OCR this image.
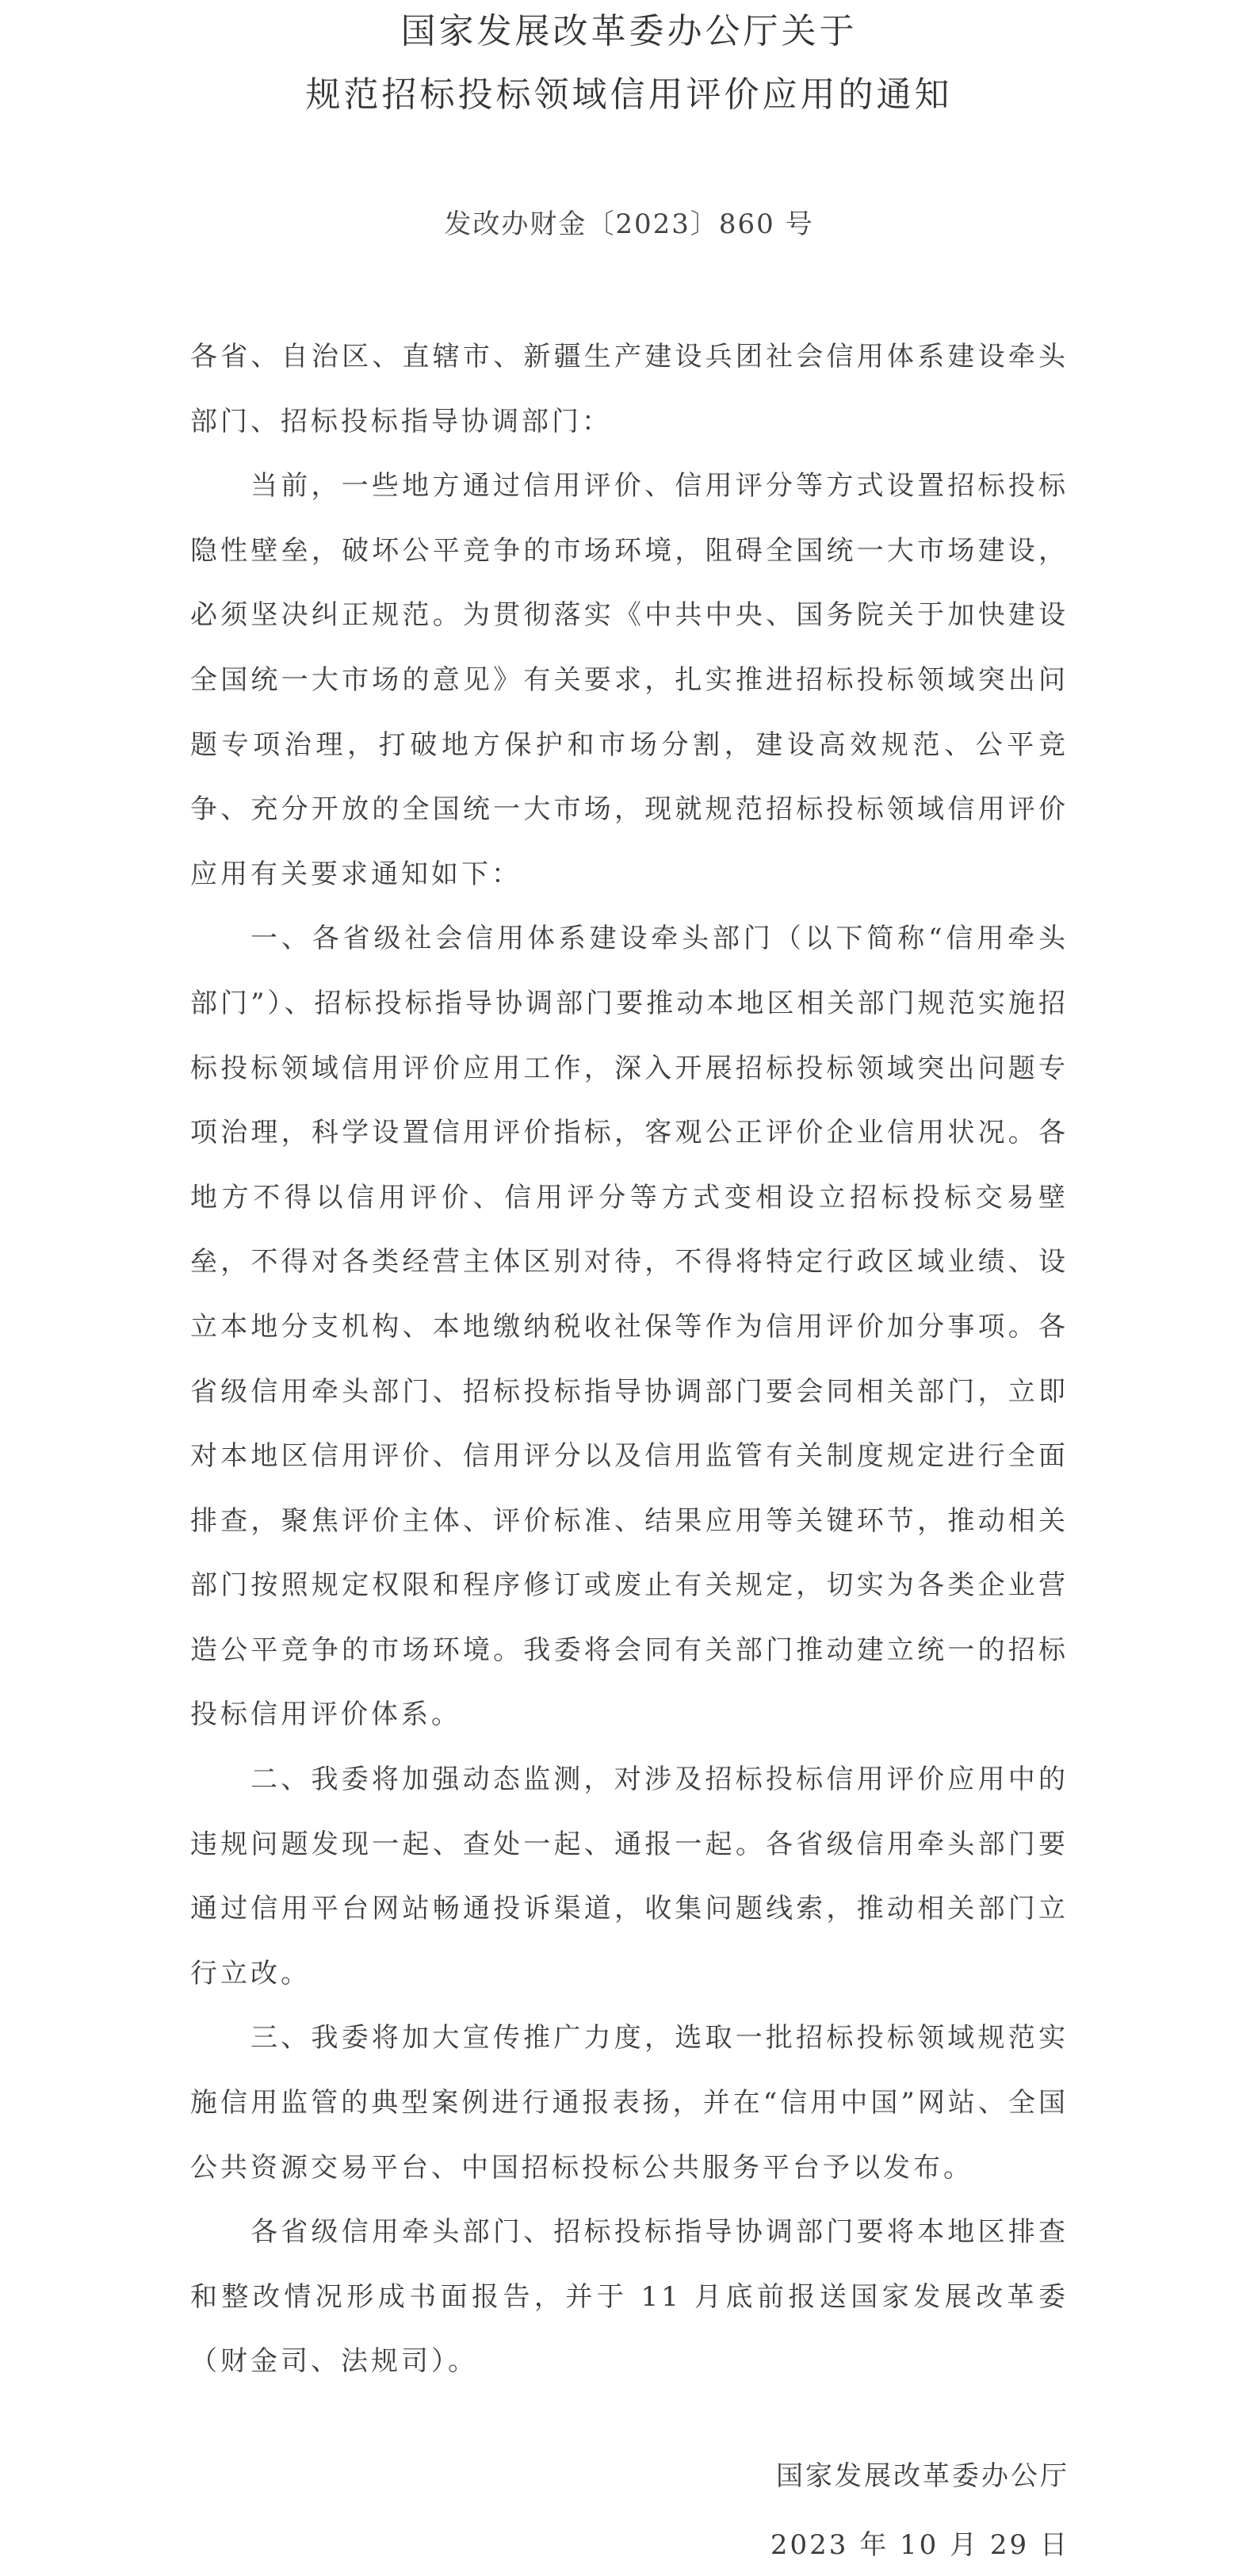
国家发展改革委办公厅关于
规范招标投标领域信用评价应用的通知
发改办财金〔2023〕860 号

各省、自治区、直辖市、新疆生产建设兵团社会信用体系建设牵头部门、招标投标指导协调部门：

当前，一些地方通过信用评价、信用评分等方式设置招标投标隐性壁垒，破坏公平竞争的市场环境，阻碍全国统一大市场建设，必须坚决纠正规范。为贯彻落实《中共中央、国务院关于加快建设全国统一大市场的意见》有关要求，扎实推进招标投标领域突出问题专项治理，打破地方保护和市场分割，建设高效规范、公平竞争、充分开放的全国统一大市场，现就规范招标投标领域信用评价应用有关要求通知如下：

一、各省级社会信用体系建设牵头部门（以下简称“信用牵头部门”）、招标投标指导协调部门要推动本地区相关部门规范实施招标投标领域信用评价应用工作，深入开展招标投标领域突出问题专项治理，科学设置信用评价指标，客观公正评价企业信用状况。各地方不得以信用评价、信用评分等方式变相设立招标投标交易壁垒，不得对各类经营主体区别对待，不得将特定行政区域业绩、设立本地分支机构、本地缴纳税收社保等作为信用评价加分事项。各省级信用牵头部门、招标投标指导协调部门要会同相关部门，立即对本地区信用评价、信用评分以及信用监管有关制度规定进行全面排查，聚焦评价主体、评价标准、结果应用等关键环节，推动相关部门按照规定权限和程序修订或废止有关规定，切实为各类企业营造公平竞争的市场环境。我委将会同有关部门推动建立统一的招标投标信用评价体系。

二、我委将加强动态监测，对涉及招标投标信用评价应用中的违规问题发现一起、查处一起、通报一起。各省级信用牵头部门要通过信用平台网站畅通投诉渠道，收集问题线索，推动相关部门立行立改。

三、我委将加大宣传推广力度，选取一批招标投标领域规范实施信用监管的典型案例进行通报表扬，并在“信用中国”网站、全国公共资源交易平台、中国招标投标公共服务平台予以发布。

各省级信用牵头部门、招标投标指导协调部门要将本地区排查和整改情况形成书面报告，并于 11 月底前报送国家发展改革委（财金司、法规司）。

国家发展改革委办公厅
2023 年 10 月 29 日
